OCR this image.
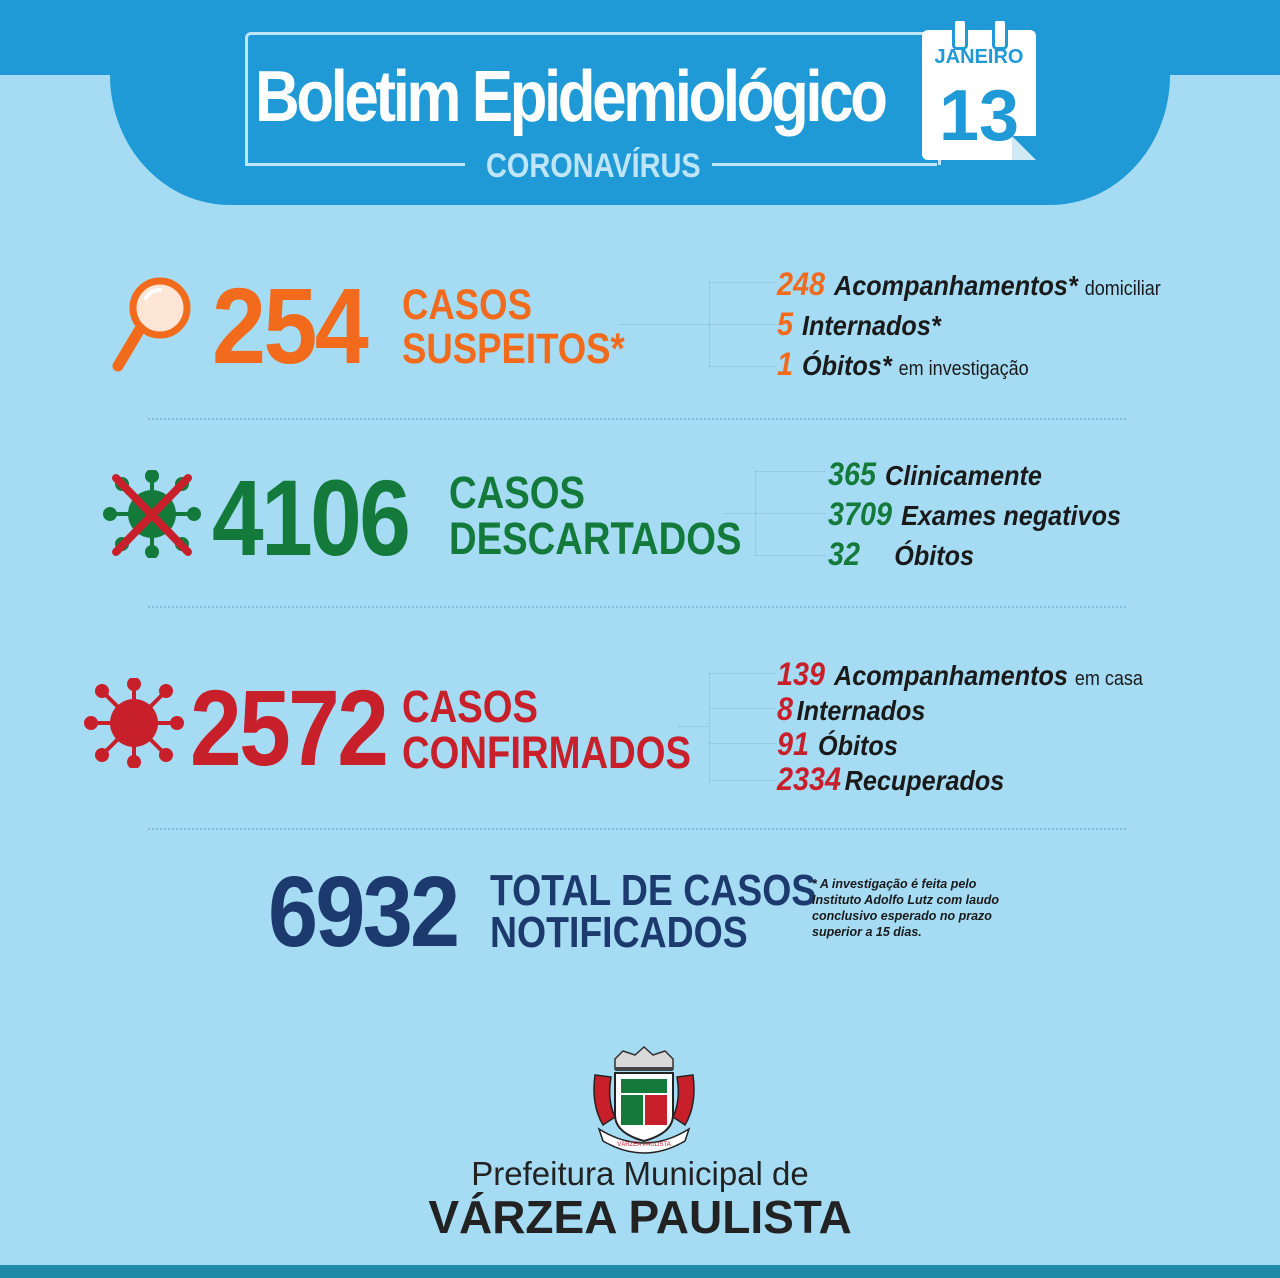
Boletim Epidemiológico
CORONAVÍRUS
JANEIRO
13
254 CASOS
SUSPEITOS*
248 Acompanhamentos* domiciliar
5 Internados*
1 Óbitos* em investigação
4106 CASOS
DESCARTADOS
365 Clinicamente
3709 Exames negativos
32 Óbitos
2572 CASOS
CONFIRMADOS
139 Acompanhamentos em casa
8 Internados
91 Óbitos
2334 Recuperados
6932 TOTAL DE CASOS
NOTIFICADOS
* A investigação é feita pelo Instituto Adolfo Lutz com laudo conclusivo esperado no prazo superior a 15 dias.
VÁRZEA PAULISTA
Prefeitura Municipal de
VÁRZEA PAULISTA
